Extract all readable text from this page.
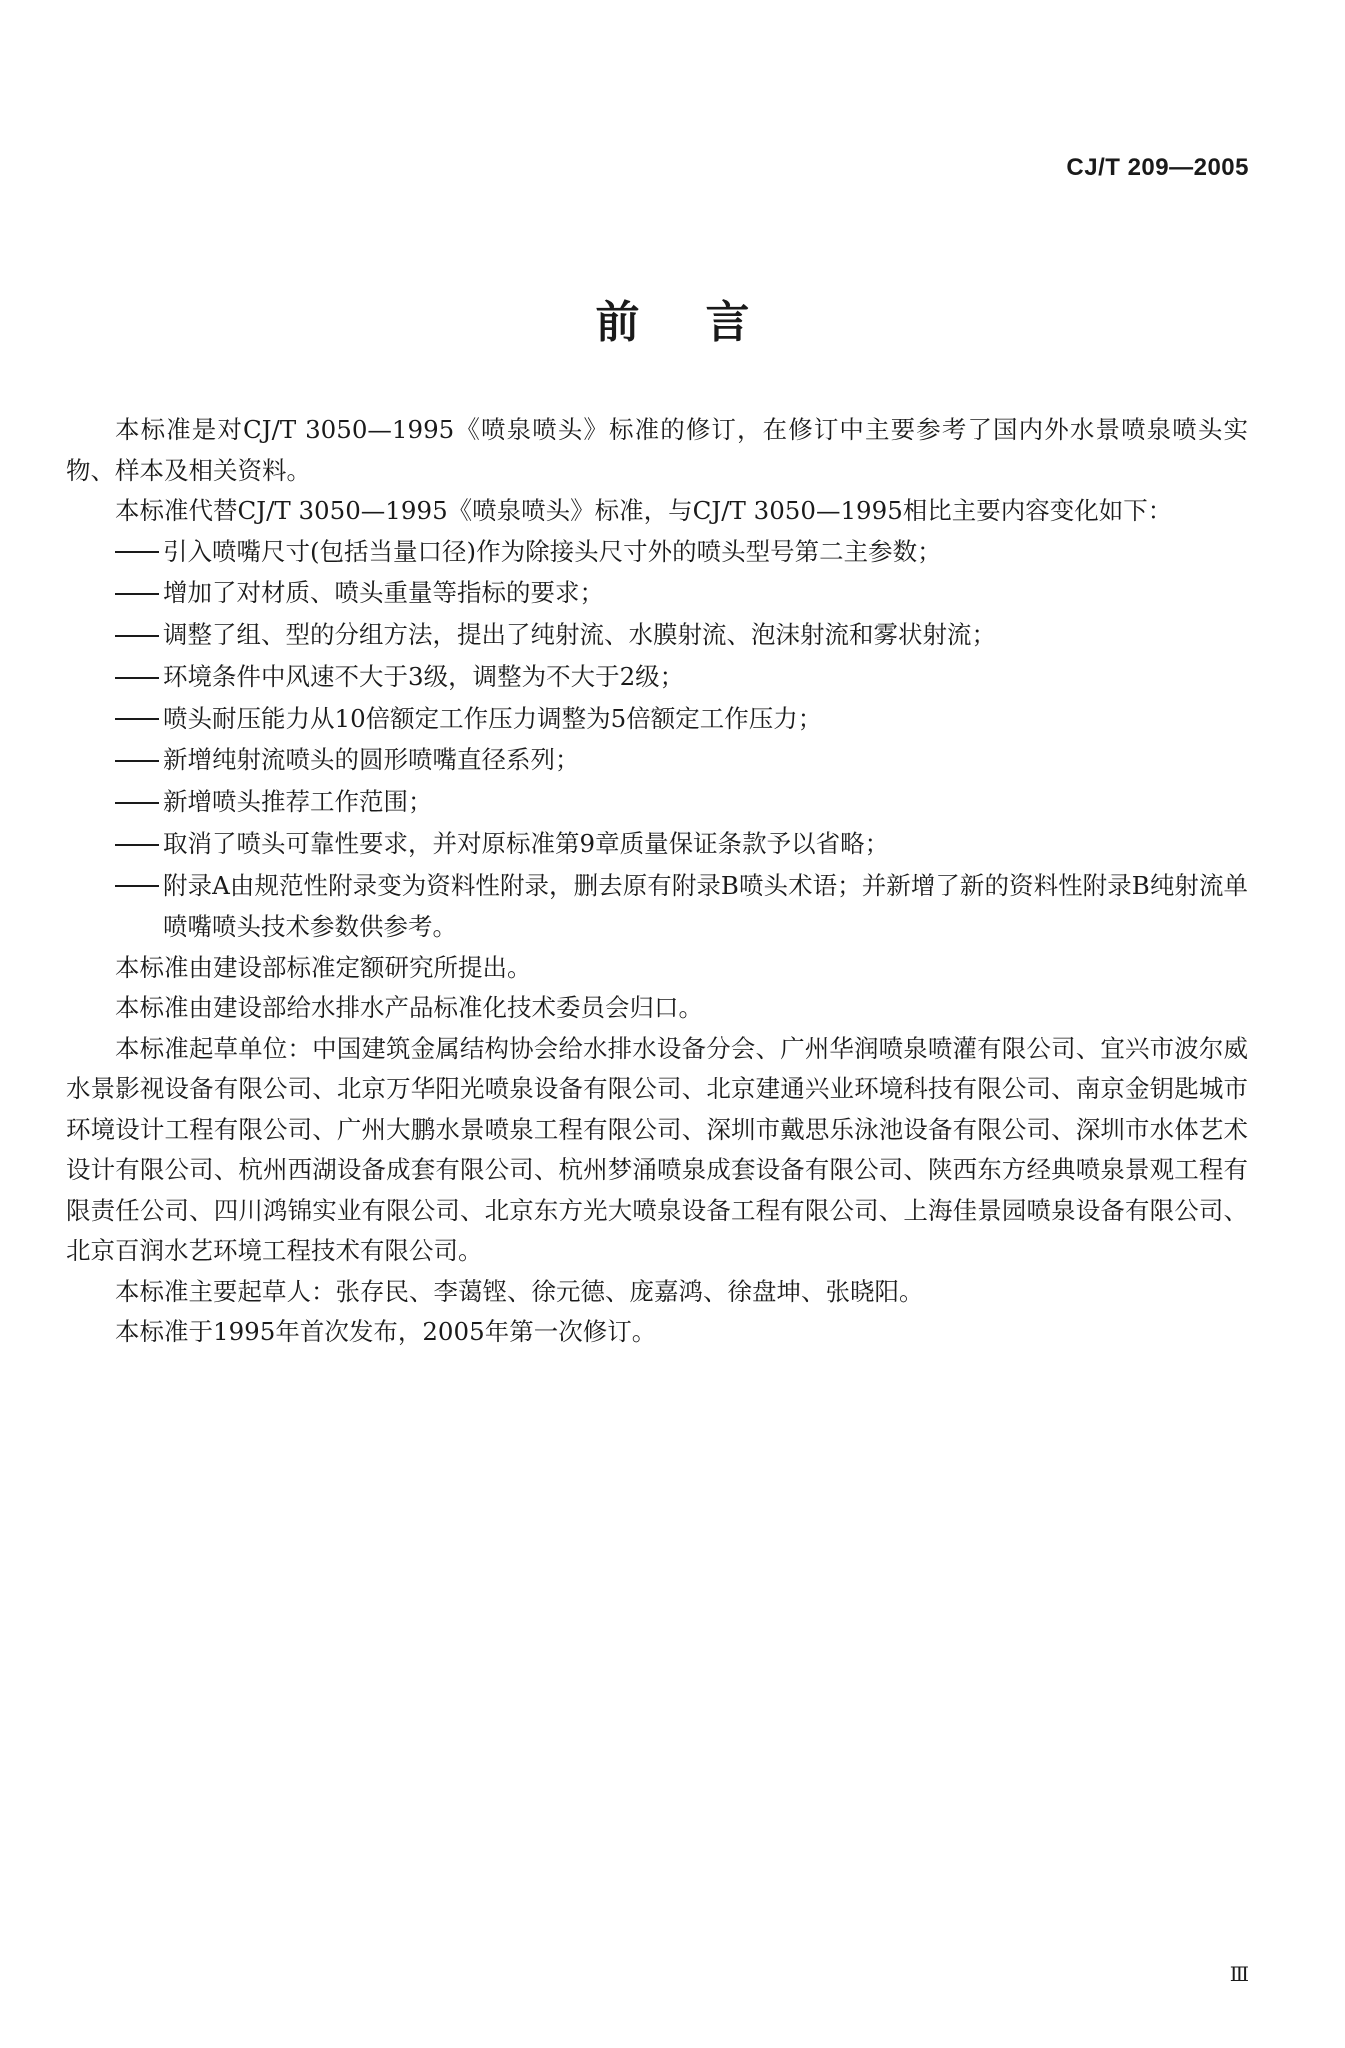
CJ/T 209—2005
前言

本标准是对CJ/T 3050—1995《喷泉喷头》标准的修订，在修订中主要参考了国内外水景喷泉喷头实物、样本及相关资料。

本标准代替CJ/T 3050—1995《喷泉喷头》标准，与CJ/T 3050—1995相比主要内容变化如下：

引入喷嘴尺寸(包括当量口径)作为除接头尺寸外的喷头型号第二主参数；

增加了对材质、喷头重量等指标的要求；

调整了组、型的分组方法，提出了纯射流、水膜射流、泡沫射流和雾状射流；

环境条件中风速不大于3级，调整为不大于2级；

喷头耐压能力从10倍额定工作压力调整为5倍额定工作压力；

新增纯射流喷头的圆形喷嘴直径系列；

新增喷头推荐工作范围；

取消了喷头可靠性要求，并对原标准第9章质量保证条款予以省略；

附录A由规范性附录变为资料性附录，删去原有附录B喷头术语；并新增了新的资料性附录B纯射流单喷嘴喷头技术参数供参考。

本标准由建设部标准定额研究所提出。

本标准由建设部给水排水产品标准化技术委员会归口。

本标准起草单位：中国建筑金属结构协会给水排水设备分会、广州华润喷泉喷灌有限公司、宜兴市波尔威水景影视设备有限公司、北京万华阳光喷泉设备有限公司、北京建通兴业环境科技有限公司、南京金钥匙城市环境设计工程有限公司、广州大鹏水景喷泉工程有限公司、深圳市戴思乐泳池设备有限公司、深圳市水体艺术设计有限公司、杭州西湖设备成套有限公司、杭州梦涌喷泉成套设备有限公司、陕西东方经典喷泉景观工程有限责任公司、四川鸿锦实业有限公司、北京东方光大喷泉设备工程有限公司、上海佳景园喷泉设备有限公司、北京百润水艺环境工程技术有限公司。

本标准主要起草人：张存民、李蔼铿、徐元德、庞嘉鸿、徐盘坤、张晓阳。

本标准于1995年首次发布，2005年第一次修订。

Ⅲ
